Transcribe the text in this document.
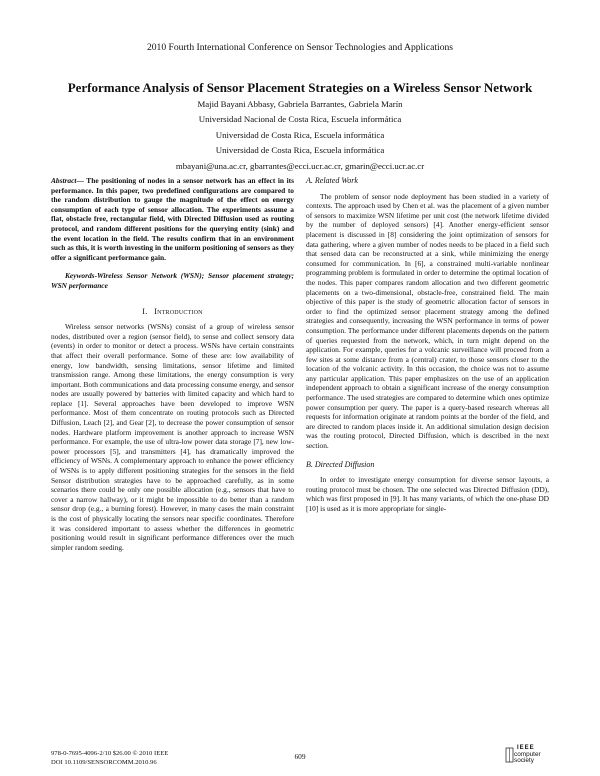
2010 Fourth International Conference on Sensor Technologies and Applications
Performance Analysis of Sensor Placement Strategies on a Wireless Sensor Network
Majid Bayani Abbasy, Gabriela Barrantes, Gabriela Marín
Universidad Nacional de Costa Rica, Escuela informática
Universidad de Costa Rica, Escuela informática
Universidad de Costa Rica, Escuela informática
mbayani@una.ac.cr, gbarrantes@ecci.ucr.ac.cr, gmarin@ecci.ucr.ac.cr

Abstract— The positioning of nodes in a sensor network has an effect in its performance. In this paper, two predefined configurations are compared to the random distribution to gauge the magnitude of the effect on energy consumption of each type of sensor allocation. The experiments assume a flat, obstacle free, rectangular field, with Directed Diffusion used as routing protocol, and random different positions for the querying entity (sink) and the event location in the field. The results confirm that in an environment such as this, it is worth investing in the uniform positioning of sensors as they offer a significant performance gain.

Keywords-Wireless Sensor Network (WSN); Sensor placement strategy; WSN performance

I. Introduction

Wireless sensor networks (WSNs) consist of a group of wireless sensor nodes, distributed over a region (sensor field), to sense and collect sensory data (events) in order to monitor or detect a process. WSNs have certain constraints that affect their overall performance. Some of these are: low availability of energy, low bandwidth, sensing limitations, sensor lifetime and limited transmission range. Among these limitations, the energy consumption is very important. Both communications and data processing consume energy, and sensor nodes are usually powered by batteries with limited capacity and which hard to replace [1]. Several approaches have been developed to improve WSN performance. Most of them concentrate on routing protocols such as Directed Diffusion, Leach [2], and Gear [2], to decrease the power consumption of sensor nodes. Hardware platform improvement is another approach to increase WSN performance. For example, the use of ultra-low power data storage [7], new low-power processors [5], and transmitters [4], has dramatically improved the efficiency of WSNs. A complementary approach to enhance the power efficiency of WSNs is to apply different positioning strategies for the sensors in the field Sensor distribution strategies have to be approached carefully, as in some scenarios there could be only one possible allocation (e.g., sensors that have to cover a narrow hallway), or it might be impossible to do better than a random sensor drop (e.g., a burning forest). However, in many cases the main constraint is the cost of physically locating the sensors near specific coordinates. Therefore it was considered important to assess whether the differences in geometric positioning would result in significant performance differences over the much simpler random seeding.

A. Related Work

The problem of sensor node deployment has been studied in a variety of contexts. The approach used by Chen et al. was the placement of a given number of sensors to maximize WSN lifetime per unit cost (the network lifetime divided by the number of deployed sensors) [4]. Another energy-efficient sensor placement is discussed in [8] considering the joint optimization of sensors for data gathering, where a given number of nodes needs to be placed in a field such that sensed data can be reconstructed at a sink, while minimizing the energy consumed for communication. In [6], a constrained multi-variable nonlinear programming problem is formulated in order to determine the optimal location of the nodes. This paper compares random allocation and two different geometric placements on a two-dimensional, obstacle-free, constrained field. The main objective of this paper is the study of geometric allocation factor of sensors in order to find the optimized sensor placement strategy among the defined strategies and consequently, increasing the WSN performance in terms of power consumption. The performance under different placements depends on the pattern of queries requested from the network, which, in turn might depend on the application. For example, queries for a volcanic surveillance will proceed from a few sites at some distance from a (central) crater, to those sensors closer to the location of the volcanic activity. In this occasion, the choice was not to assume any particular application. This paper emphasizes on the use of an application independent approach to obtain a significant increase of the energy consumption performance. The used strategies are compared to determine which ones optimize power consumption per query. The paper is a query-based research whereas all requests for information originate at random points at the border of the field, and are directed to random places inside it. An additional simulation design decision was the routing protocol, Directed Diffusion, which is described in the next section.

B. Directed Diffusion

In order to investigate energy consumption for diverse sensor layouts, a routing protocol must be chosen. The one selected was Directed Diffusion (DD), which was first proposed in [9]. It has many variants, of which the one-phase DD [10] is used as it is more appropriate for single-

978-0-7695-4096-2/10 $26.00 © 2010 IEEE
DOI 10.1109/SENSORCOMM.2010.96
609
IEEE
computer
society
